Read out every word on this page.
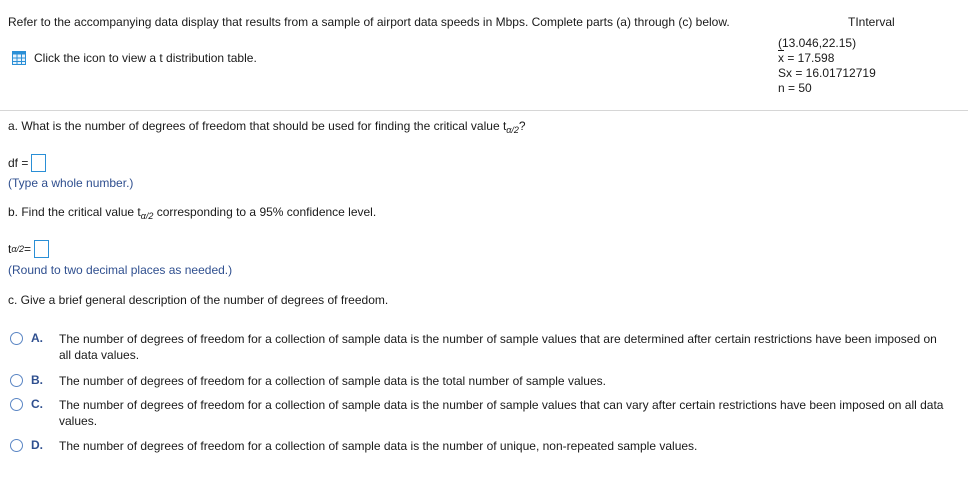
Refer to the accompanying data display that results from a sample of airport data speeds in Mbps. Complete parts (a) through (c) below.	TInterval
(13.046,22.15)
$\overline{x} = 17.598$
Sx = 16.01712719
n = 50
Click the icon to view a t distribution table.
a. What is the number of degrees of freedom that should be used for finding the critical value $t_{\alpha/2}$?
df =
(Type a whole number.)
b. Find the critical value $t_{\alpha/2}$ corresponding to a 95% confidence level.
t α/2 =
(Round to two decimal places as needed.)
c. Give a brief general description of the number of degrees of freedom.
A.	The number of degrees of freedom for a collection of sample data is the number of sample values that are determined after certain restrictions have been imposed on all data values.
B.	The number of degrees of freedom for a collection of sample data is the total number of sample values.
C.	The number of degrees of freedom for a collection of sample data is the number of sample values that can vary after certain restrictions have been imposed on all data values.
D.	The number of degrees of freedom for a collection of sample data is the number of unique, non-repeated sample values.
